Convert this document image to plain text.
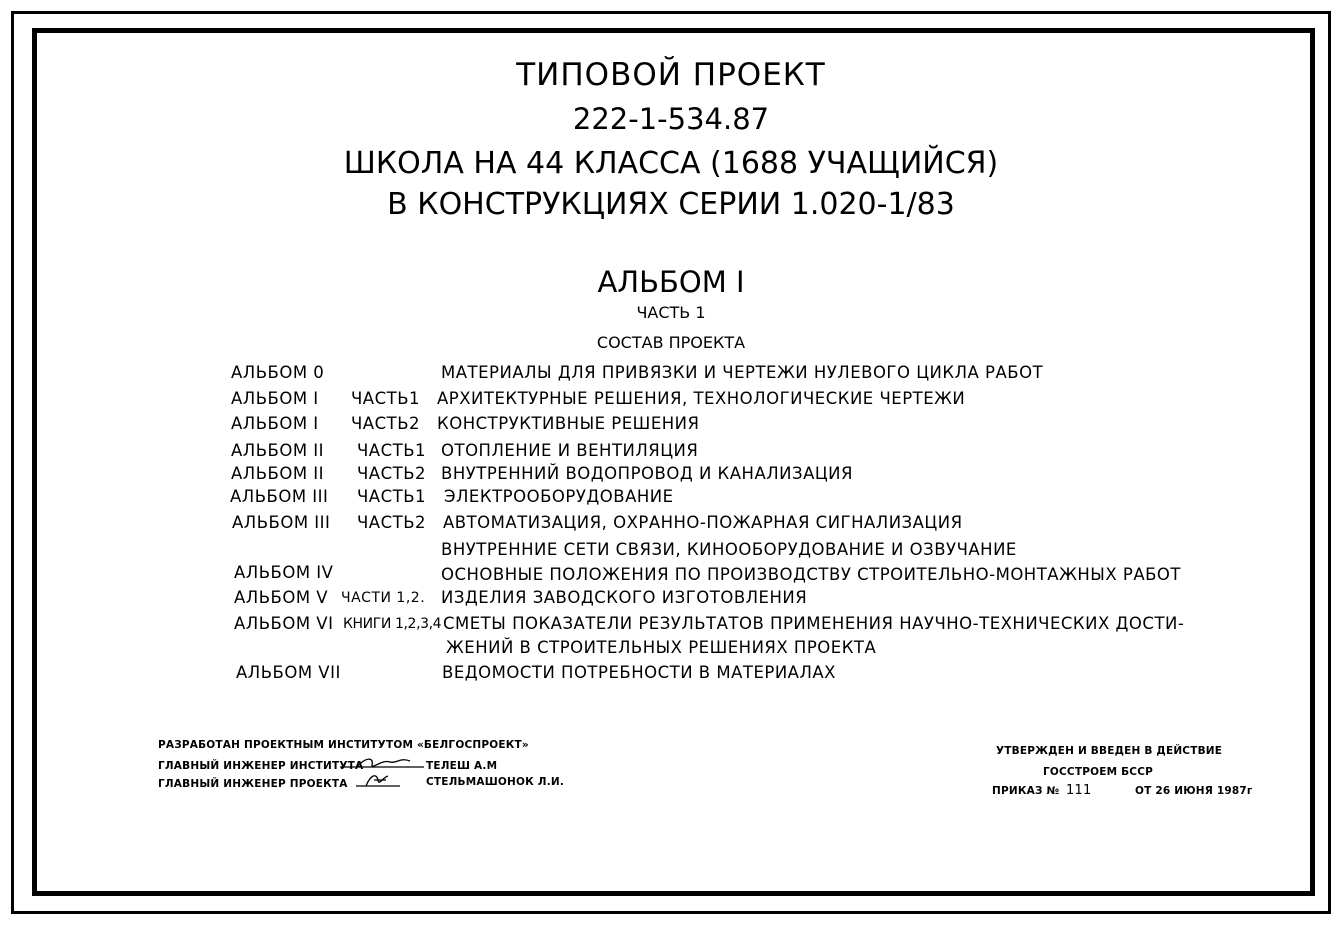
ТИПОВОЙ ПРОЕКТ
222-1-534.87
ШКОЛА НА 44 КЛАССА (1688 УЧАЩИЙСЯ)
В КОНСТРУКЦИЯХ СЕРИИ 1.020-1/83
АЛЬБОМ I
ЧАСТЬ 1
СОСТАВ ПРОЕКТА
АЛЬБОМ 0	МАТЕРИАЛЫ ДЛЯ ПРИВЯЗКИ И ЧЕРТЕЖИ НУЛЕВОГО ЦИКЛА РАБОТ
АЛЬБОМ I ЧАСТЬ1 АРХИТЕКТУРНЫЕ РЕШЕНИЯ, ТЕХНОЛОГИЧЕСКИЕ ЧЕРТЕЖИ
АЛЬБОМ I ЧАСТЬ2 КОНСТРУКТИВНЫЕ РЕШЕНИЯ
АЛЬБОМ II ЧАСТЬ1 ОТОПЛЕНИЕ И ВЕНТИЛЯЦИЯ
АЛЬБОМ II ЧАСТЬ2 ВНУТРЕННИЙ ВОДОПРОВОД И КАНАЛИЗАЦИЯ
АЛЬБОМ III ЧАСТЬ1 ЭЛЕКТРООБОРУДОВАНИЕ
АЛЬБОМ III ЧАСТЬ2 АВТОМАТИЗАЦИЯ, ОХРАННО-ПОЖАРНАЯ СИГНАЛИЗАЦИЯ
ВНУТРЕННИЕ СЕТИ СВЯЗИ, КИНООБОРУДОВАНИЕ И ОЗВУЧАНИЕ
АЛЬБОМ IV	ОСНОВНЫЕ ПОЛОЖЕНИЯ ПО ПРОИЗВОДСТВУ СТРОИТЕЛЬНО-МОНТАЖНЫХ РАБОТ
АЛЬБОМ V ЧАСТИ 1,2. ИЗДЕЛИЯ ЗАВОДСКОГО ИЗГОТОВЛЕНИЯ
АЛЬБОМ VI КНИГИ 1,2,3,4 СМЕТЫ ПОКАЗАТЕЛИ РЕЗУЛЬТАТОВ ПРИМЕНЕНИЯ НАУЧНО-ТЕХНИЧЕСКИХ ДОСТИ-
ЖЕНИЙ В СТРОИТЕЛЬНЫХ РЕШЕНИЯХ ПРОЕКТА
АЛЬБОМ VII	ВЕДОМОСТИ ПОТРЕБНОСТИ В МАТЕРИАЛАХ
РАЗРАБОТАН ПРОЕКТНЫМ ИНСТИТУТОМ «БЕЛГОСПРОЕКТ»
ГЛАВНЫЙ ИНЖЕНЕР ИНСТИТУТА	ТЕЛЕШ А.М
ГЛАВНЫЙ ИНЖЕНЕР ПРОЕКТА	СТЕЛЬМАШОНОК Л.И.
УТВЕРЖДЕН И ВВЕДЕН В ДЕЙСТВИЕ
ГОССТРОЕМ БССР
ПРИКАЗ № 111	ОТ 26 ИЮНЯ 1987г
